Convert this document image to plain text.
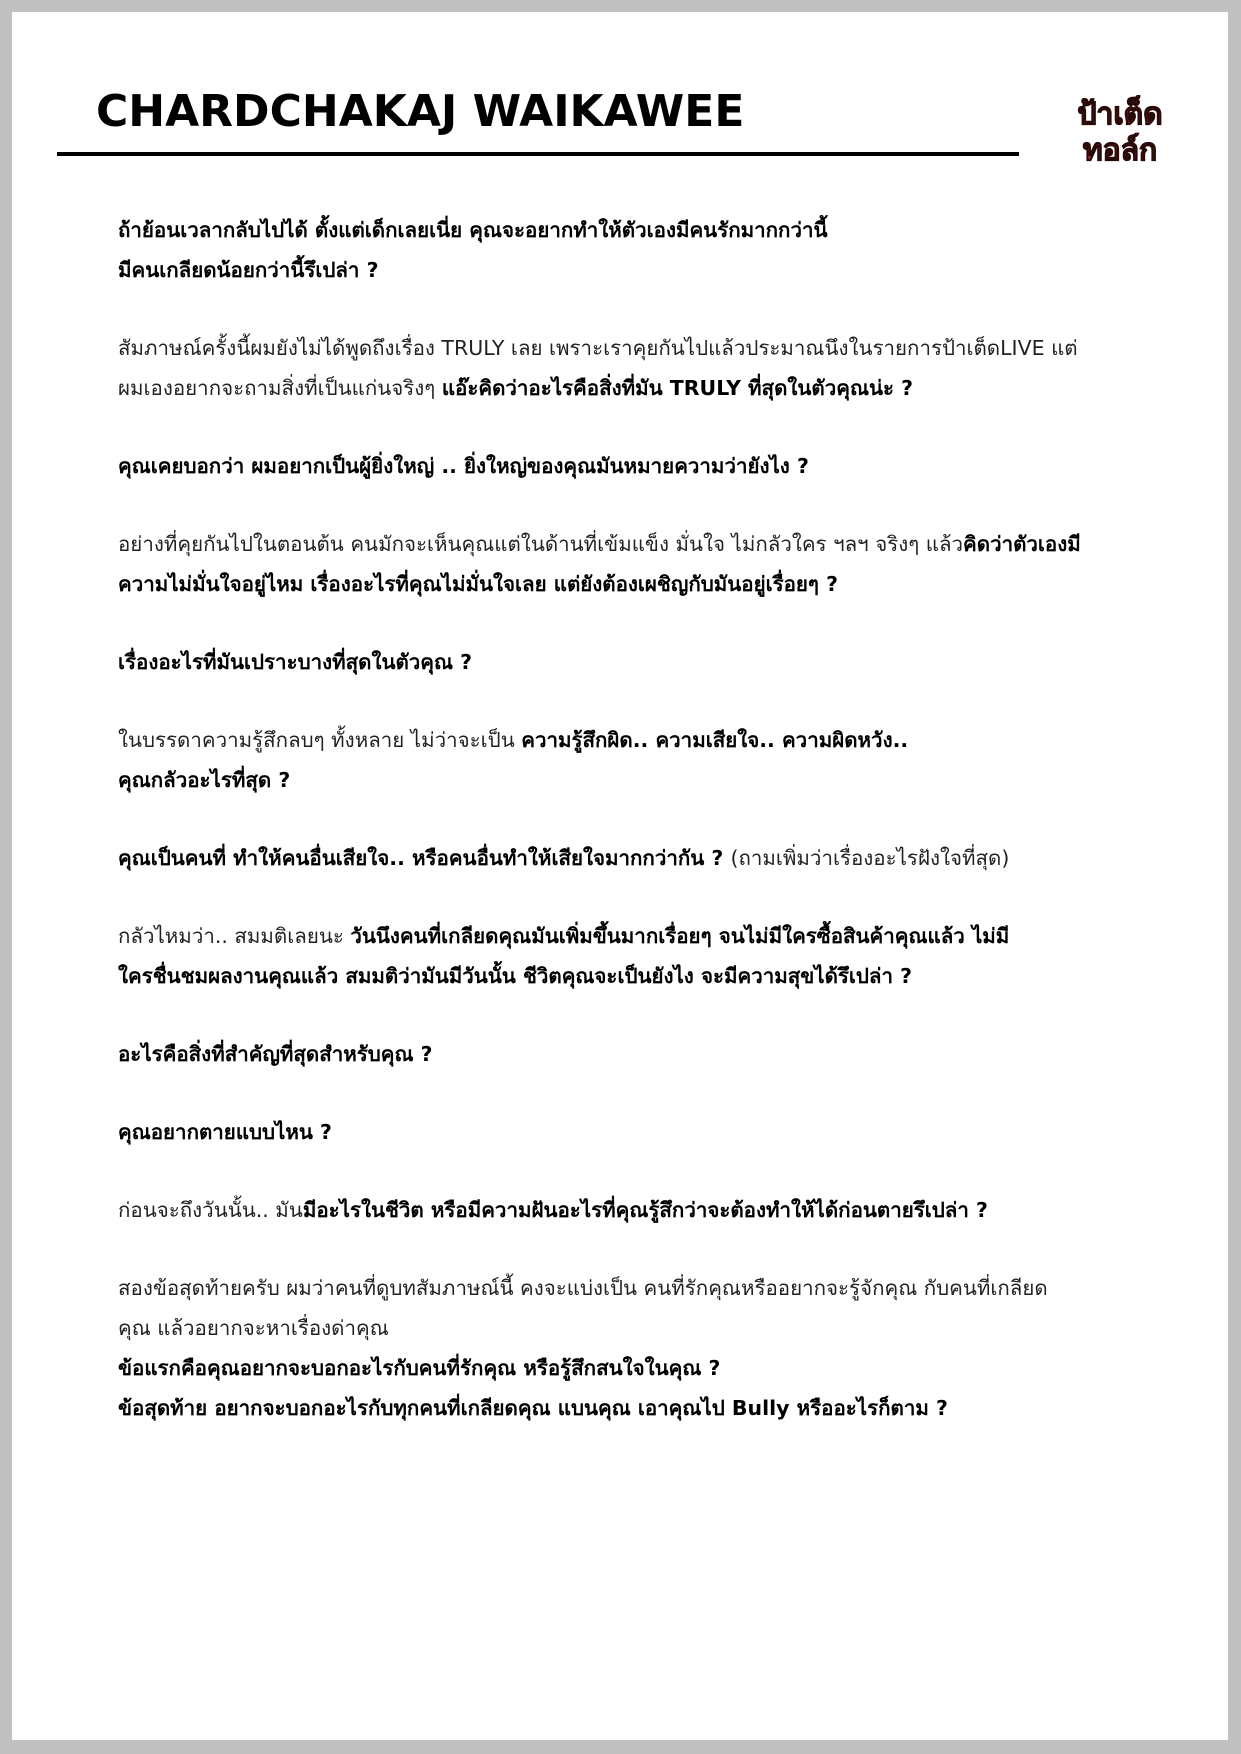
CHARDCHAKAJ WAIKAWEE	ป้าเต็ด
ทอล์ก
ถ้าย้อนเวลากลับไปได้ ตั้งแต่เด็กเลยเนี่ย คุณจะอยากทำให้ตัวเองมีคนรักมากกว่านี้
มีคนเกลียดน้อยกว่านี้รึเปล่า ?
สัมภาษณ์ครั้งนี้ผมยังไม่ได้พูดถึงเรื่อง TRULY เลย เพราะเราคุยกันไปแล้วประมาณนึงในรายการป้าเต็ดLIVE แต่
ผมเองอยากจะถามสิ่งที่เป็นแก่นจริงๆ แอ๊ะคิดว่าอะไรคือสิ่งที่มัน TRULY ที่สุดในตัวคุณน่ะ ?
คุณเคยบอกว่า ผมอยากเป็นผู้ยิ่งใหญ่ .. ยิ่งใหญ่ของคุณมันหมายความว่ายังไง ?
อย่างที่คุยกันไปในตอนต้น คนมักจะเห็นคุณแต่ในด้านที่เข้มแข็ง มั่นใจ ไม่กลัวใคร ฯลฯ จริงๆ แล้วคิดว่าตัวเองมี
ความไม่มั่นใจอยู่ไหม เรื่องอะไรที่คุณไม่มั่นใจเลย แต่ยังต้องเผชิญกับมันอยู่เรื่อยๆ ?
เรื่องอะไรที่มันเปราะบางที่สุดในตัวคุณ ?
ในบรรดาความรู้สึกลบๆ ทั้งหลาย ไม่ว่าจะเป็น ความรู้สึกผิด.. ความเสียใจ.. ความผิดหวัง..
คุณกลัวอะไรที่สุด ?
คุณเป็นคนที่ ทำให้คนอื่นเสียใจ.. หรือคนอื่นทำให้เสียใจมากกว่ากัน ? (ถามเพิ่มว่าเรื่องอะไรฝังใจที่สุด)
กลัวไหมว่า.. สมมติเลยนะ วันนึงคนที่เกลียดคุณมันเพิ่มขึ้นมากเรื่อยๆ จนไม่มีใครซื้อสินค้าคุณแล้ว ไม่มี
ใครชื่นชมผลงานคุณแล้ว สมมติว่ามันมีวันนั้น ชีวิตคุณจะเป็นยังไง จะมีความสุขได้รึเปล่า ?
อะไรคือสิ่งที่สำคัญที่สุดสำหรับคุณ ?
คุณอยากตายแบบไหน ?
ก่อนจะถึงวันนั้น.. มันมีอะไรในชีวิต หรือมีความฝันอะไรที่คุณรู้สึกว่าจะต้องทำให้ได้ก่อนตายรึเปล่า ?
สองข้อสุดท้ายครับ ผมว่าคนที่ดูบทสัมภาษณ์นี้ คงจะแบ่งเป็น คนที่รักคุณหรืออยากจะรู้จักคุณ กับคนที่เกลียด
คุณ แล้วอยากจะหาเรื่องด่าคุณ
ข้อแรกคือคุณอยากจะบอกอะไรกับคนที่รักคุณ หรือรู้สึกสนใจในคุณ ?
ข้อสุดท้าย อยากจะบอกอะไรกับทุกคนที่เกลียดคุณ แบนคุณ เอาคุณไป Bully หรืออะไรก็ตาม ?
